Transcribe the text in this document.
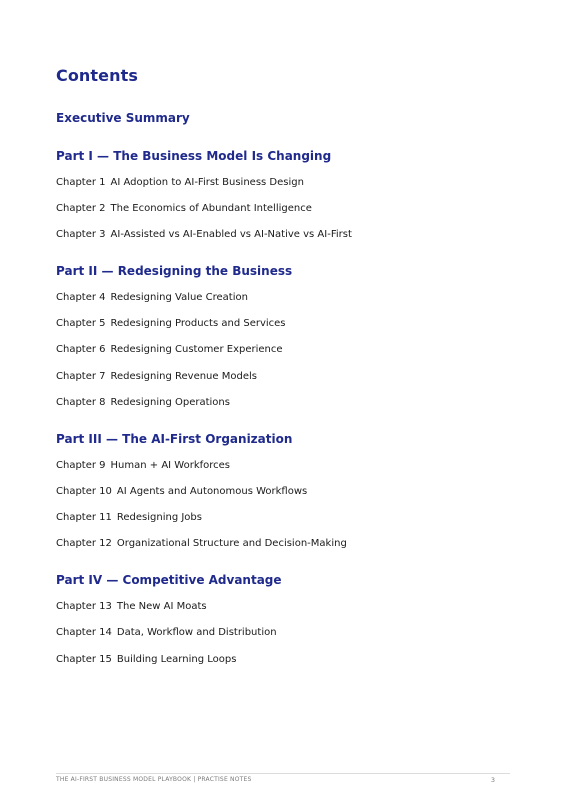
Contents
Executive Summary
Part I — The Business Model Is Changing

Chapter 1 AI Adoption to AI-First Business Design

Chapter 2 The Economics of Abundant Intelligence

Chapter 3 AI-Assisted vs AI-Enabled vs AI-Native vs AI-First

Part II — Redesigning the Business

Chapter 4 Redesigning Value Creation

Chapter 5 Redesigning Products and Services

Chapter 6 Redesigning Customer Experience

Chapter 7 Redesigning Revenue Models

Chapter 8 Redesigning Operations

Part III — The AI-First Organization

Chapter 9 Human + AI Workforces

Chapter 10 AI Agents and Autonomous Workflows

Chapter 11 Redesigning Jobs

Chapter 12 Organizational Structure and Decision-Making

Part IV — Competitive Advantage

Chapter 13 The New AI Moats

Chapter 14 Data, Workflow and Distribution

Chapter 15 Building Learning Loops

THE AI-FIRST BUSINESS MODEL PLAYBOOK | PRACTISE NOTES	3
